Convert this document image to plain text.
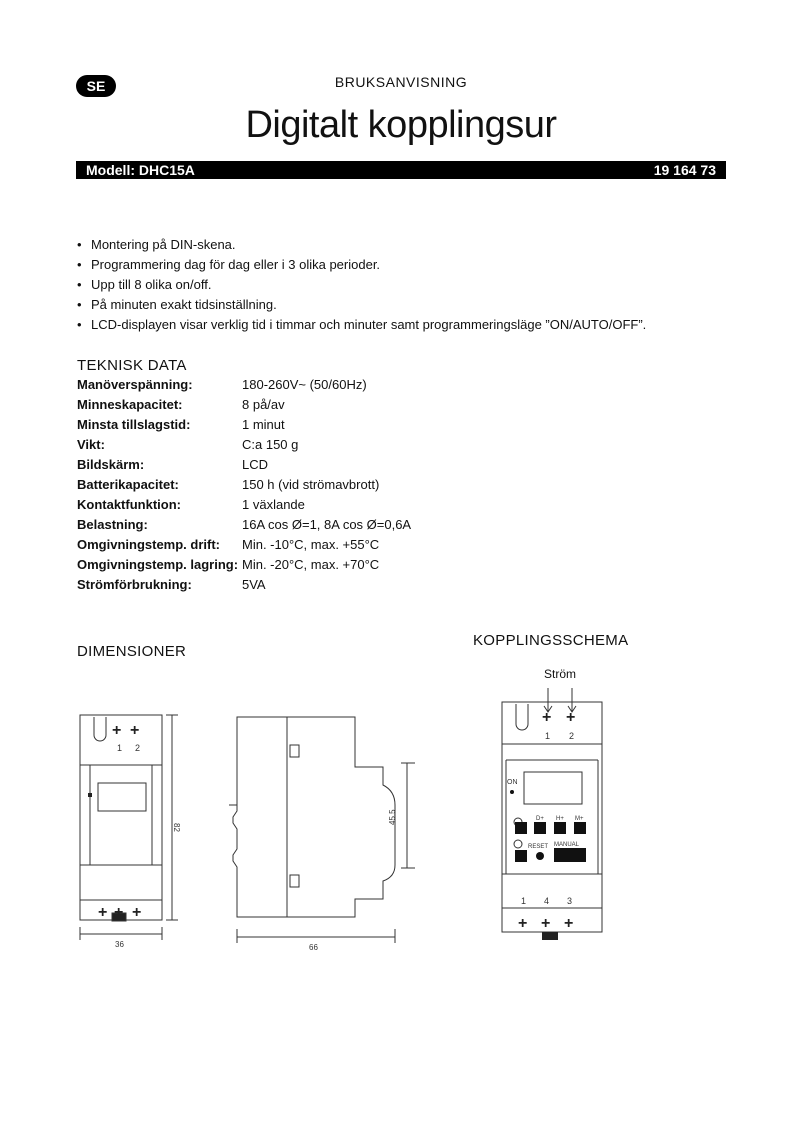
SE	BRUKSANVISNING
Digitalt kopplingsur
Modell: DHC15A	19 164 73
• Montering på DIN-skena.
• Programmering dag för dag eller i 3 olika perioder.
• Upp till 8 olika on/off.
• På minuten exakt tidsinställning.
• LCD-displayen visar verklig tid i timmar och minuter samt programmeringsläge ”ON/AUTO/OFF”.
TEKNISK DATA
Manöverspänning:	180-260V~ (50/60Hz)
Minneskapacitet:	8 på/av
Minsta tillslagstid:	1 minut
Vikt:	C:a 150 g
Bildskärm:	LCD
Batterikapacitet:	150 h (vid strömavbrott)
Kontaktfunktion:	1 växlande
Belastning:	16A cos Ø=1, 8A cos Ø=0,6A
Omgivningstemp. drift: Min. -10°C, max. +55°C
Omgivningstemp. lagring: Min. -20°C, max. +70°C
Strömförbrukning:	5VA
DIMENSIONER
KOPPLINGSSCHEMA
Ström
+ +
+ + +
1 2
82
36
45.5
66
+ +
+ + +
ON
D+ H+ M+
RESET MANUAL
1 2
1 4 3
